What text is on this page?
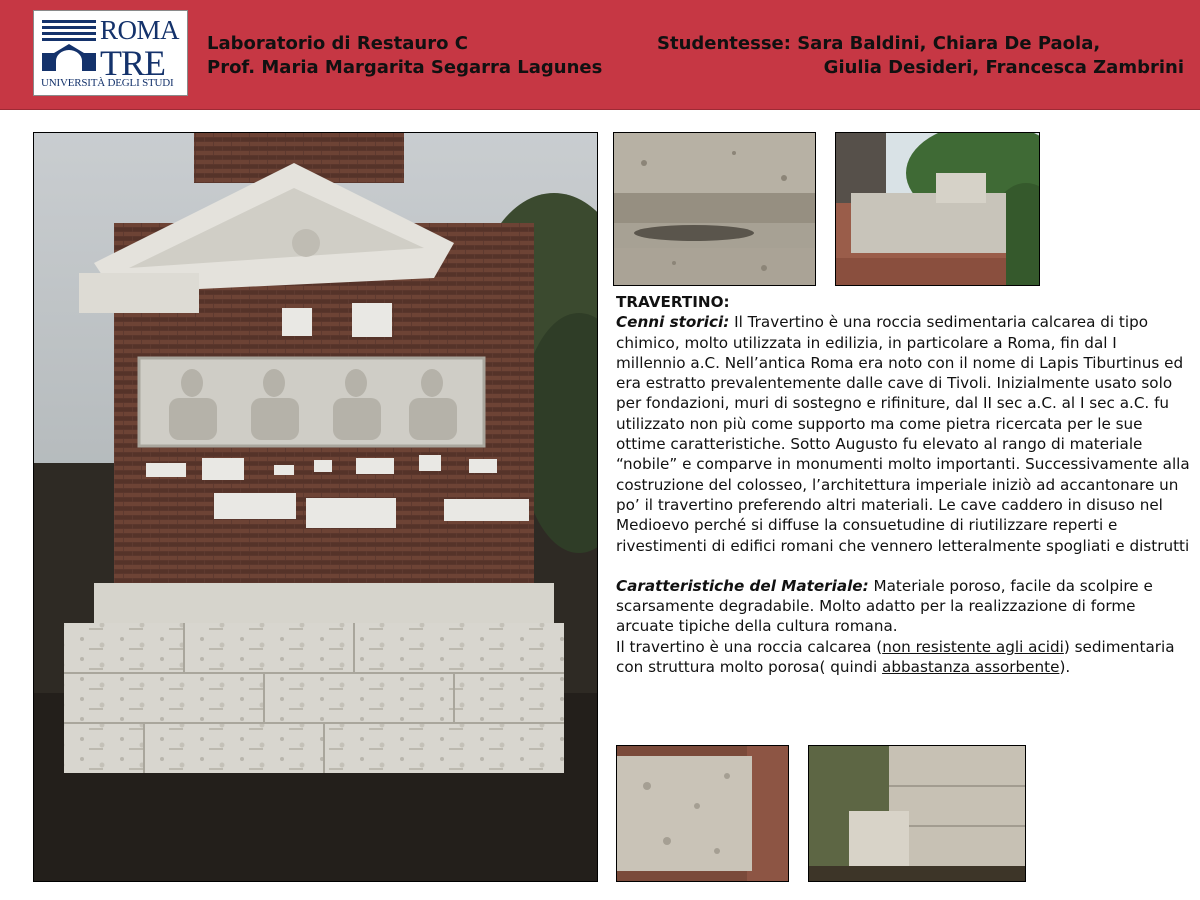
ROMA
TRE
UNIVERSITÀ DEGLI STUDI
Laboratorio di Restauro C
Prof. Maria Margarita Segarra Lagunes
Studentesse: Sara Baldini, Chiara De Paola,
Giulia Desideri, Francesca Zambrini

TRAVERTINO:

Cenni storici: Il Travertino è una roccia sedimentaria calcarea di tipo chimico, molto utilizzata in edilizia, in particolare a Roma, fin dal I millennio a.C. Nell’antica Roma era noto con il nome di Lapis Tiburtinus ed era estratto prevalentemente dalle cave di Tivoli. Inizialmente usato solo per fondazioni, muri di sostegno e rifiniture, dal II sec a.C. al I sec a.C. fu utilizzato non più come supporto ma come pietra ricercata per le sue ottime caratteristiche. Sotto Augusto fu elevato al rango di materiale “nobile” e comparve in monumenti molto importanti. Successivamente alla costruzione del colosseo, l’architettura imperiale iniziò ad accantonare un po’ il travertino preferendo altri materiali. Le cave caddero in disuso nel Medioevo perché si diffuse la consuetudine di riutilizzare reperti e rivestimenti di edifici romani che vennero letteralmente spogliati e distrutti

Caratteristiche del Materiale: Materiale poroso, facile da scolpire e scarsamente degradabile. Molto adatto per la realizzazione di forme arcuate tipiche della cultura romana.

Il travertino è una roccia calcarea (non resistente agli acidi) sedimentaria con struttura molto porosa( quindi abbastanza assorbente).
